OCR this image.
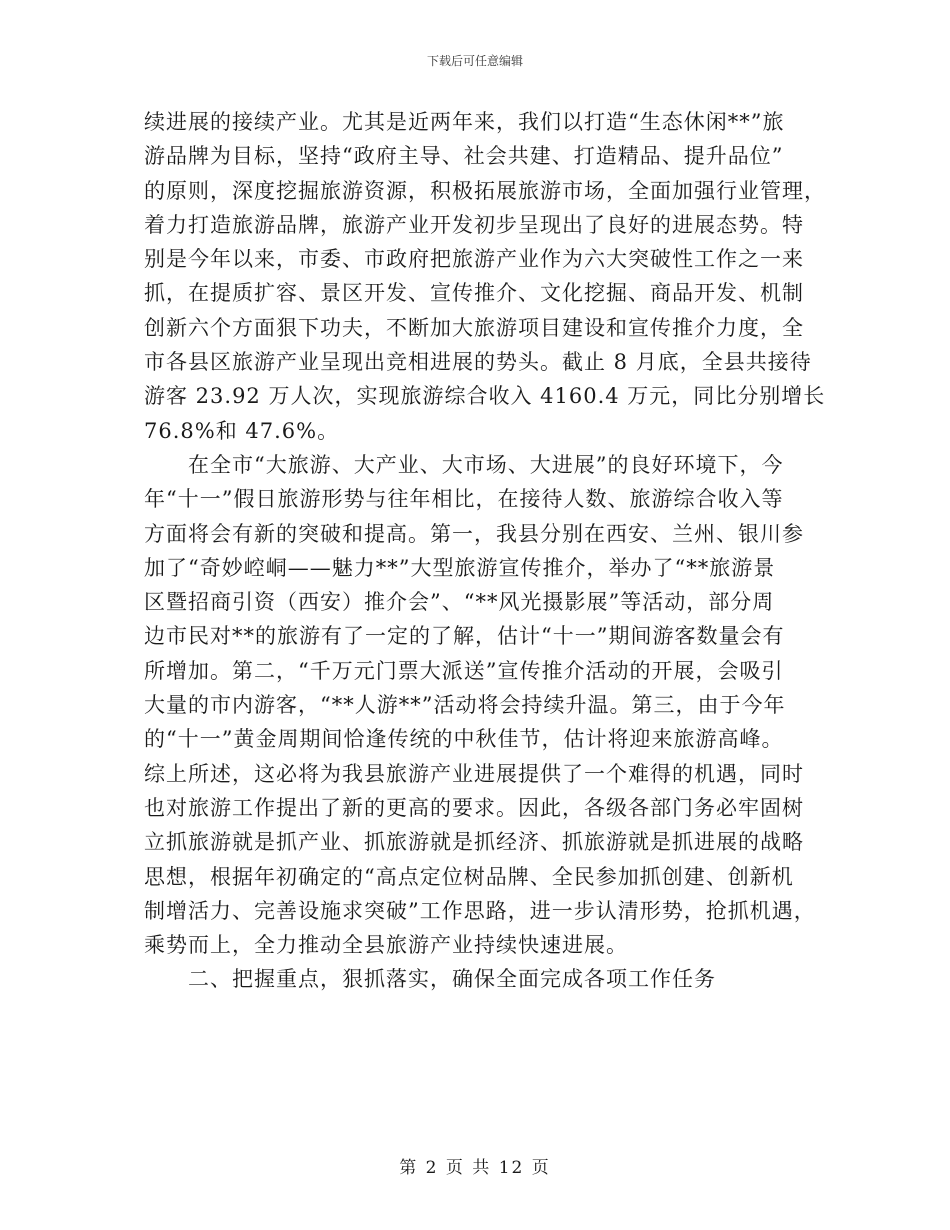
下载后可任意编辑
续进展的接续产业。尤其是近两年来，我们以打造“生态休闲**”旅
游品牌为目标，坚持“政府主导、社会共建、打造精品、提升品位”
的原则，深度挖掘旅游资源，积极拓展旅游市场，全面加强行业管理，
着力打造旅游品牌，旅游产业开发初步呈现出了良好的进展态势。特
别是今年以来，市委、市政府把旅游产业作为六大突破性工作之一来
抓，在提质扩容、景区开发、宣传推介、文化挖掘、商品开发、机制
创新六个方面狠下功夫，不断加大旅游项目建设和宣传推介力度，全
市各县区旅游产业呈现出竞相进展的势头。截止 8 月底，全县共接待
游客 23.92 万人次，实现旅游综合收入 4160.4 万元，同比分别增长
76.8%和 47.6%。
在全市“大旅游、大产业、大市场、大进展”的良好环境下，今
年“十一”假日旅游形势与往年相比，在接待人数、旅游综合收入等
方面将会有新的突破和提高。第一，我县分别在西安、兰州、银川参
加了“奇妙崆峒——魅力**”大型旅游宣传推介，举办了“**旅游景
区暨招商引资（西安）推介会”、“**风光摄影展”等活动，部分周
边市民对**的旅游有了一定的了解，估计“十一”期间游客数量会有
所增加。第二，“千万元门票大派送”宣传推介活动的开展，会吸引
大量的市内游客，“**人游**”活动将会持续升温。第三，由于今年
的“十一”黄金周期间恰逢传统的中秋佳节，估计将迎来旅游高峰。
综上所述，这必将为我县旅游产业进展提供了一个难得的机遇，同时
也对旅游工作提出了新的更高的要求。因此，各级各部门务必牢固树
立抓旅游就是抓产业、抓旅游就是抓经济、抓旅游就是抓进展的战略
思想，根据年初确定的“高点定位树品牌、全民参加抓创建、创新机
制增活力、完善设施求突破”工作思路，进一步认清形势，抢抓机遇，
乘势而上，全力推动全县旅游产业持续快速进展。
二、把握重点，狠抓落实，确保全面完成各项工作任务
第 2 页 共 12 页
